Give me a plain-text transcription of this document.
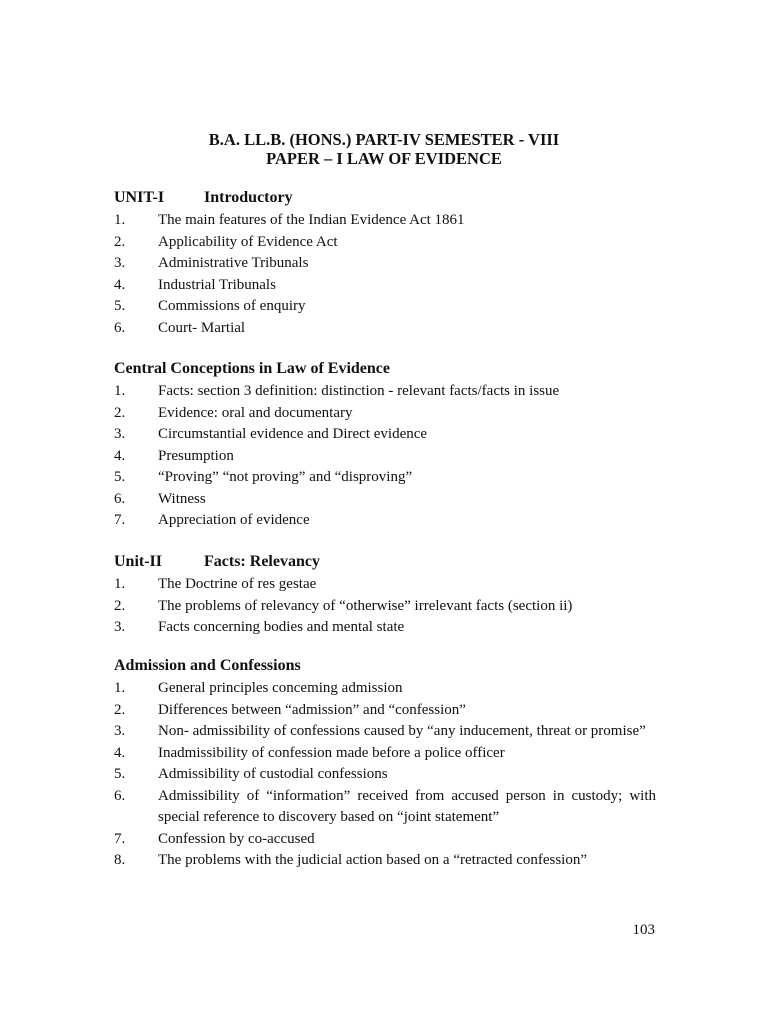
B.A. LL.B. (HONS.) PART-IV SEMESTER - VIII
PAPER – I LAW OF EVIDENCE
UNIT-I Introductory
1. The main features of the Indian Evidence Act 1861
2. Applicability of Evidence Act
3. Administrative Tribunals
4. Industrial Tribunals
5. Commissions of enquiry
6. Court- Martial
Central Conceptions in Law of Evidence
1. Facts: section 3 definition: distinction - relevant facts/facts in issue
2. Evidence: oral and documentary
3. Circumstantial evidence and Direct evidence
4. Presumption
5. “Proving” “not proving” and “disproving”
6. Witness
7. Appreciation of evidence
Unit-II	Facts: Relevancy
1. The Doctrine of res gestae
2. The problems of relevancy of “otherwise” irrelevant facts (section ii)
3. Facts concerning bodies and mental state
Admission and Confessions
1. General principles conceming admission
2. Differences between “admission” and “confession”
3. Non- admissibility of confessions caused by “any inducement, threat or promise”
4. Inadmissibility of confession made before a police officer
5. Admissibility of custodial confessions
6. Admissibility of “information” received from accused person in custody; with special reference to discovery based on “joint statement”
7. Confession by co-accused
8. The problems with the judicial action based on a “retracted confession”
103
